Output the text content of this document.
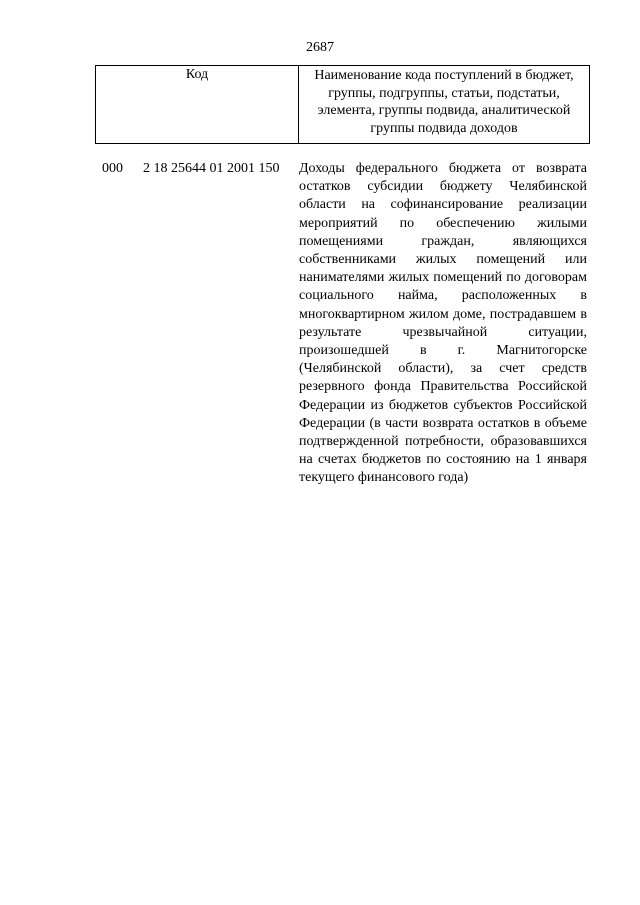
2687
Код	Наименование кода поступлений в бюджет, группы, подгруппы, статьи, подстатьи, элемента, группы подвида, аналитической группы подвида доходов
000 2 18 25644 01 2001 150 Доходы федерального бюджета от возврата остатков субсидии бюджету Челябинской области на софинансирование реализации мероприятий по обеспечению жилыми помещениями граждан, являющихся собственниками жилых помещений или нанимателями жилых помещений по договорам социального найма, расположенных в многоквартирном жилом доме, пострадавшем в результате чрезвычайной ситуации, произошедшей в г. Магнитогорске (Челябинской области), за счет средств резервного фонда Правительства Российской Федерации из бюджетов субъектов Российской Федерации (в части возврата остатков в объеме подтвержденной потребности, образовавшихся на счетах бюджетов по состоянию на 1 января текущего финансового года)
